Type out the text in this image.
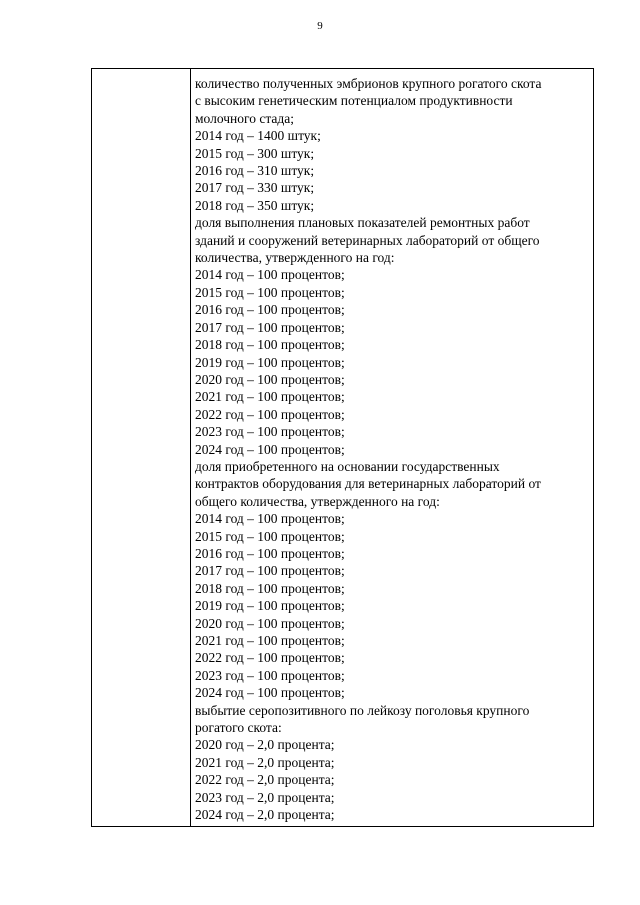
9

количество полученных эмбрионов крупного рогатого скота
с высоким генетическим потенциалом продуктивности
молочного стада;
2014 год – 1400 штук;
2015 год – 300 штук;
2016 год – 310 штук;
2017 год – 330 штук;
2018 год – 350 штук;
доля выполнения плановых показателей ремонтных работ
зданий и сооружений ветеринарных лабораторий от общего
количества, утвержденного на год:
2014 год – 100 процентов;
2015 год – 100 процентов;
2016 год – 100 процентов;
2017 год – 100 процентов;
2018 год – 100 процентов;
2019 год – 100 процентов;
2020 год – 100 процентов;
2021 год – 100 процентов;
2022 год – 100 процентов;
2023 год – 100 процентов;
2024 год – 100 процентов;
доля приобретенного на основании государственных
контрактов оборудования для ветеринарных лабораторий от
общего количества, утвержденного на год:
2014 год – 100 процентов;
2015 год – 100 процентов;
2016 год – 100 процентов;
2017 год – 100 процентов;
2018 год – 100 процентов;
2019 год – 100 процентов;
2020 год – 100 процентов;
2021 год – 100 процентов;
2022 год – 100 процентов;
2023 год – 100 процентов;
2024 год – 100 процентов;
выбытие серопозитивного по лейкозу поголовья крупного
рогатого скота:
2020 год – 2,0 процента;
2021 год – 2,0 процента;
2022 год – 2,0 процента;
2023 год – 2,0 процента;
2024 год – 2,0 процента;
